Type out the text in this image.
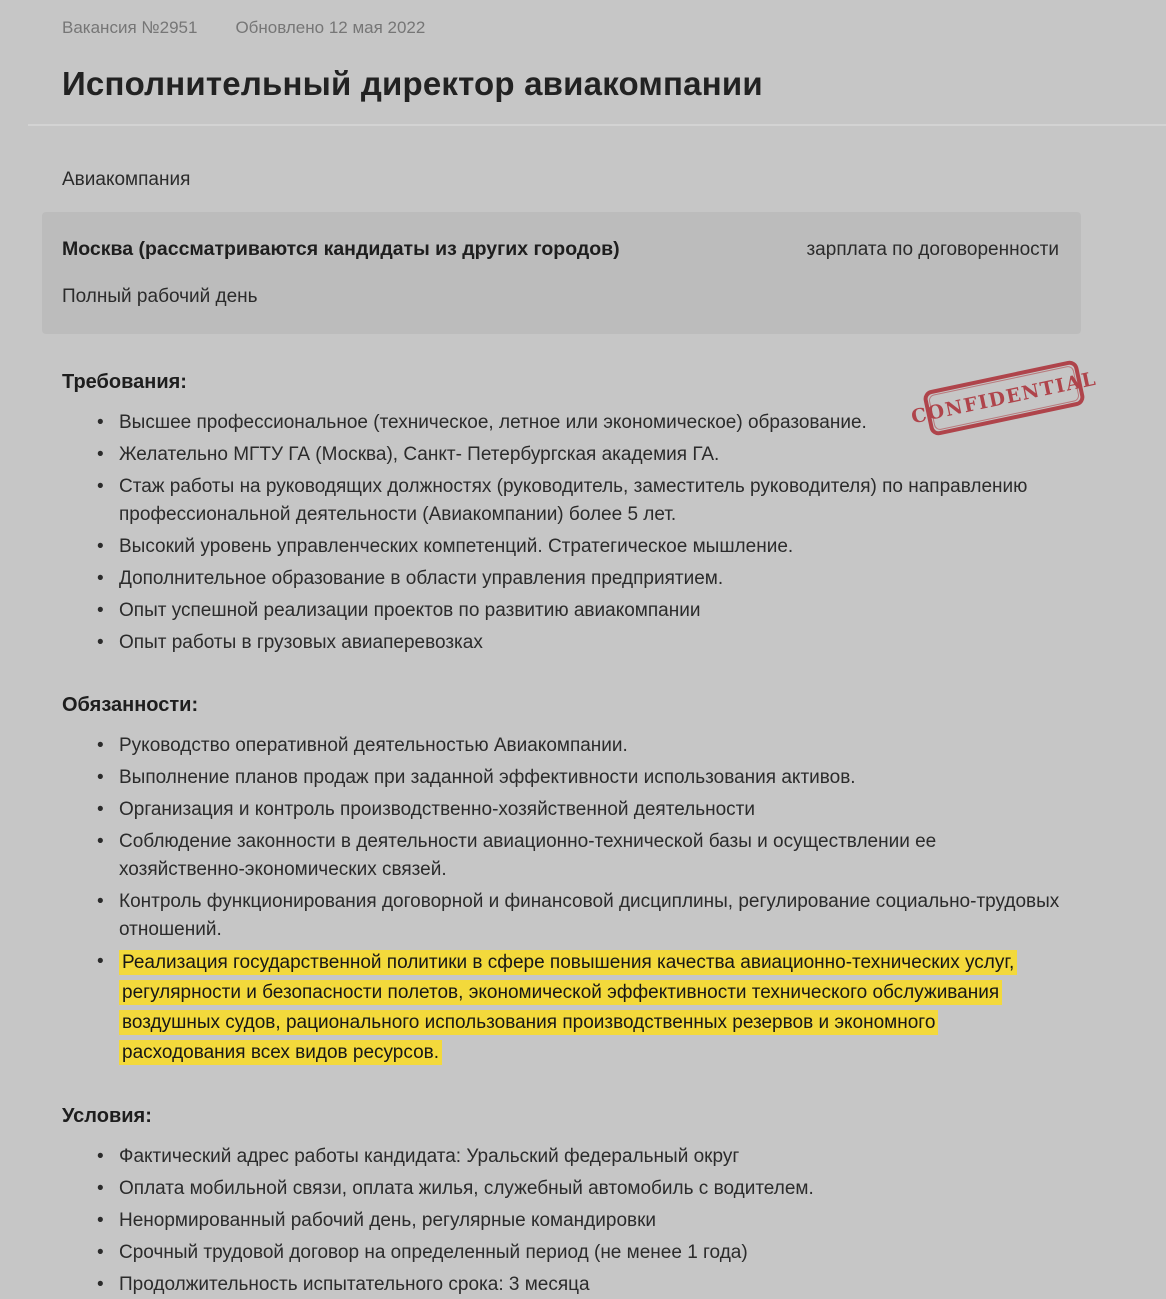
Вакансия №2951 Обновлено 12 мая 2022
Исполнительный директор авиакомпании
Авиакомпания
Москва (рассматриваются кандидаты из других городов)	зарплата по договоренности
Полный рабочий день
Требования:
• Высшее профессиональное (техническое, летное или экономическое) образование.
• Желательно МГТУ ГА (Москва), Санкт- Петербургская академия ГА.
• Стаж работы на руководящих должностях (руководитель, заместитель руководителя) по направлению профессиональной деятельности (Авиакомпании) более 5 лет.
• Высокий уровень управленческих компетенций. Стратегическое мышление.
• Дополнительное образование в области управления предприятием.
• Опыт успешной реализации проектов по развитию авиакомпании
• Опыт работы в грузовых авиаперевозках
Обязанности:
• Руководство оперативной деятельностью Авиакомпании.
• Выполнение планов продаж при заданной эффективности использования активов.
• Организация и контроль производственно-хозяйственной деятельности
• Соблюдение законности в деятельности авиационно-технической базы и осуществлении ее хозяйственно-экономических связей.
• Контроль функционирования договорной и финансовой дисциплины, регулирование социально-трудовых отношений.
• Реализация государственной политики в сфере повышения качества авиационно-технических услуг, регулярности и безопасности полетов, экономической эффективности технического обслуживания воздушных судов, рационального использования производственных резервов и экономного расходования всех видов ресурсов.
Условия:
• Фактический адрес работы кандидата: Уральский федеральный округ
• Оплата мобильной связи, оплата жилья, служебный автомобиль с водителем.
• Ненормированный рабочий день, регулярные командировки
• Срочный трудовой договор на определенный период (не менее 1 года)
• Продолжительность испытательного срока: 3 месяца
CONFIDENTIAL
